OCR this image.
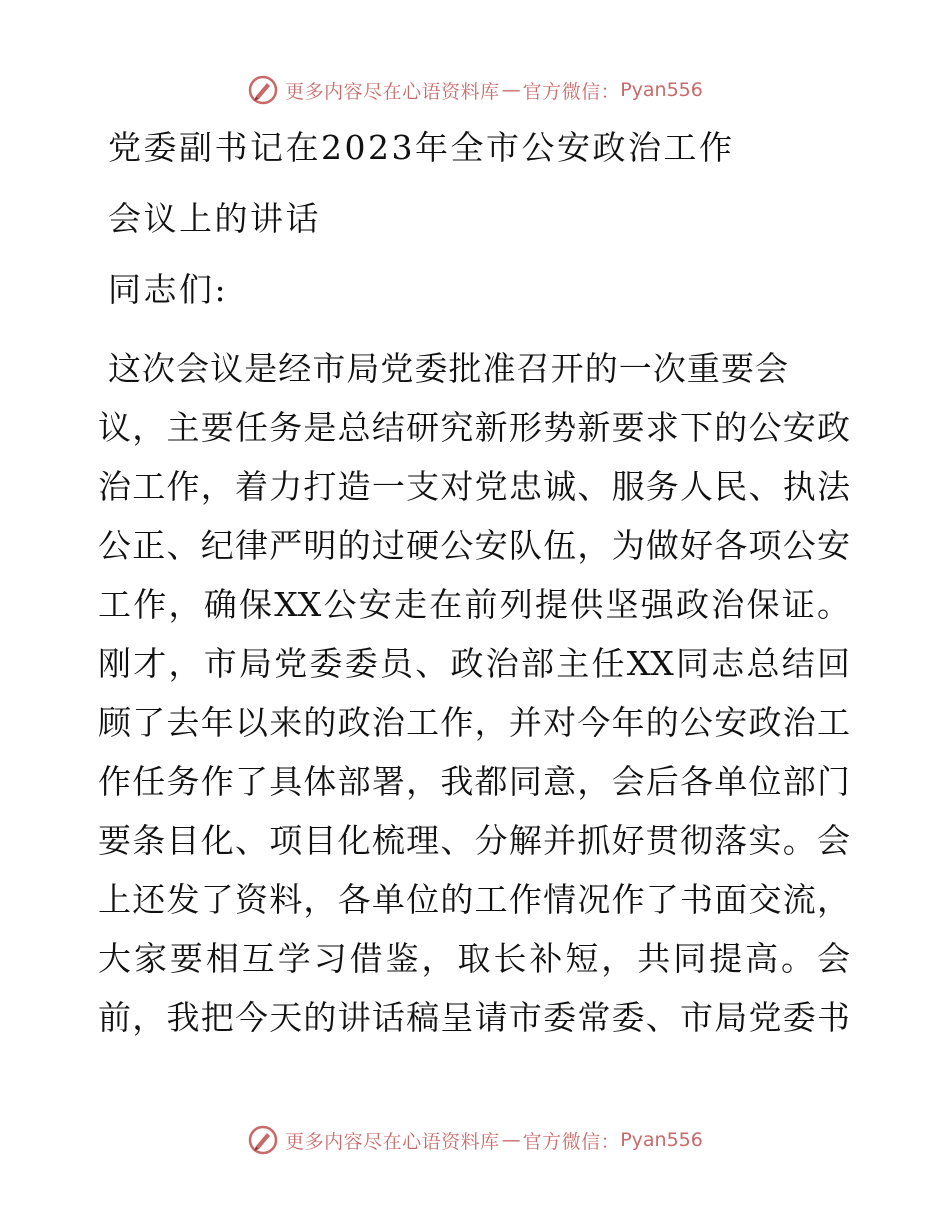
更多内容尽在心语资料库 — 官方微信： Pyan556
党委副书记在2023年全市公安政治工作
会议上的讲话
同志们:
这次会议是经市局党委批准召开的一次重要会
议，主要任务是总结研究新形势新要求下的公安政
治工作，着力打造一支对党忠诚、服务人民、执法
公正、纪律严明的过硬公安队伍，为做好各项公安
工作，确保XX公安走在前列提供坚强政治保证。
刚才，市局党委委员、政治部主任XX同志总结回
顾了去年以来的政治工作，并对今年的公安政治工
作任务作了具体部署，我都同意，会后各单位部门
要条目化、项目化梳理、分解并抓好贯彻落实。会
上还发了资料，各单位的工作情况作了书面交流，
大家要相互学习借鉴，取长补短，共同提高。会
前，我把今天的讲话稿呈请市委常委、市局党委书
更多内容尽在心语资料库 — 官方微信： Pyan556
